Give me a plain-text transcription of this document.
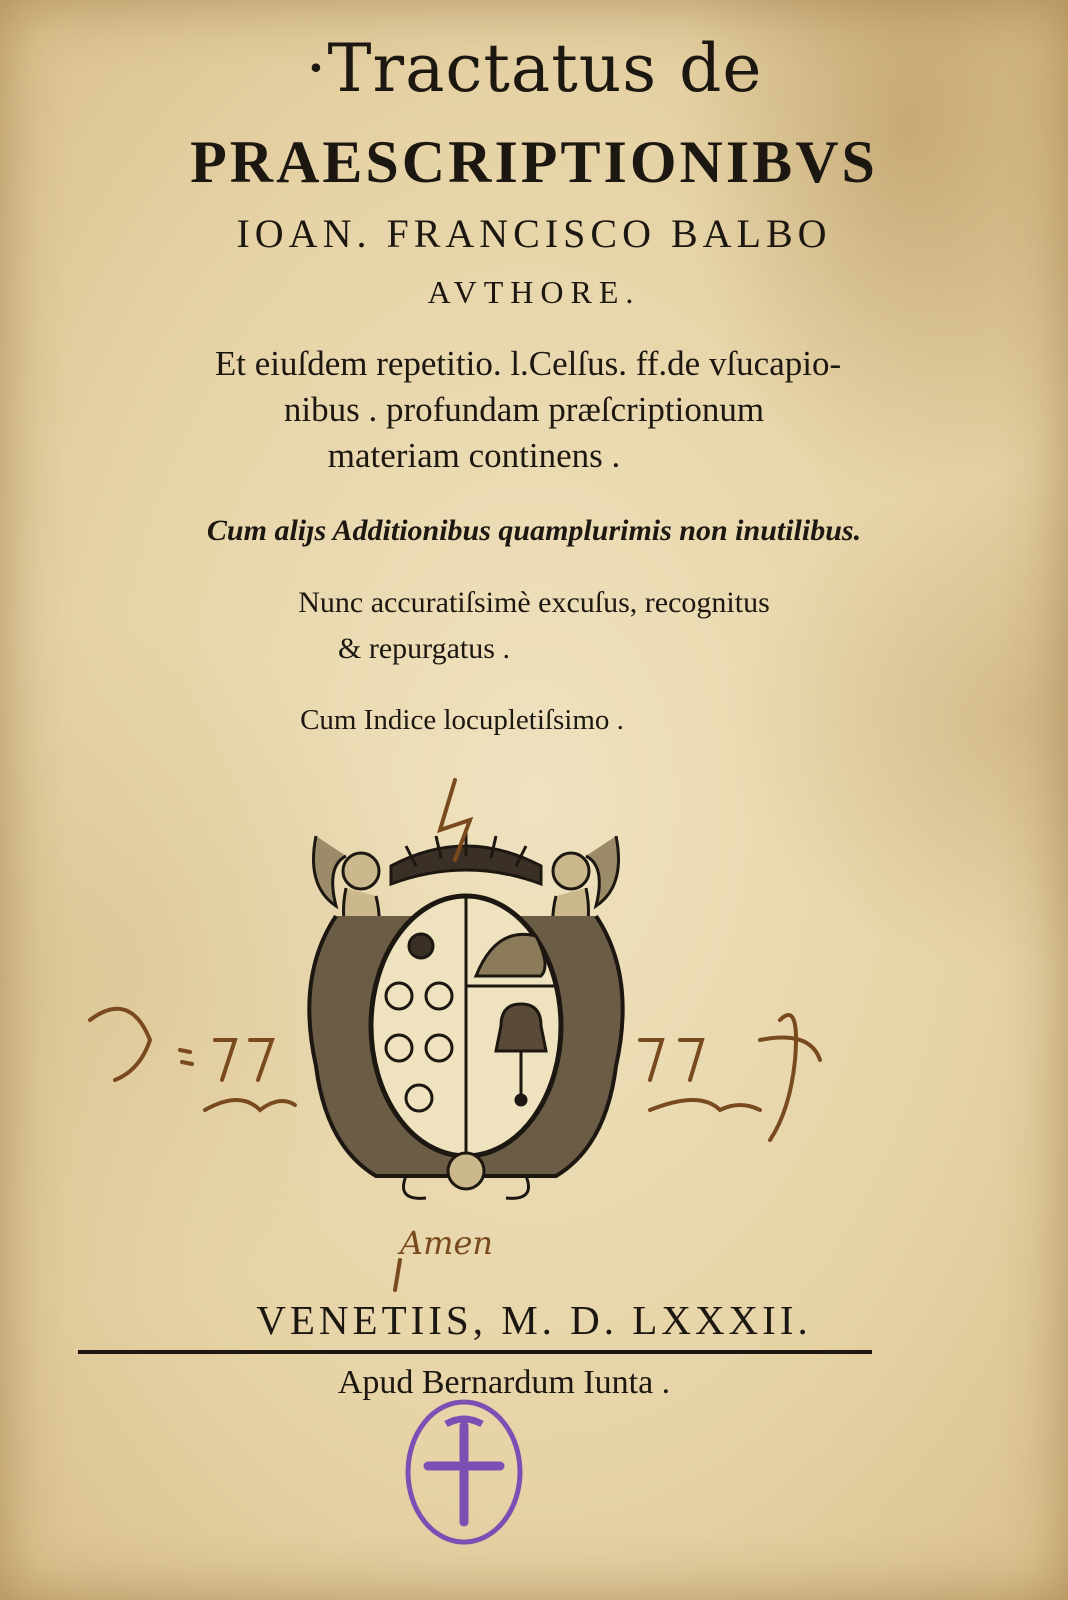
·Tractatus de
PRAESCRIPTIONIBVS
IOAN. FRANCISCO BALBO
AVTHORE.
Et eiuſdem repetitio. l.Celſus. ff.de vſucapio-
nibus . profundam præſcriptionum
materiam continens .
Cum aliȷs Additionibus quamplurimis non inutilibus.
Nunc accuratiſsimè excuſus, recognitus
& repurgatus .
Cum Indice locupletiſsimo .
Amen
VENETIIS, M. D. LXXXII.
Apud Bernardum Iunta .
